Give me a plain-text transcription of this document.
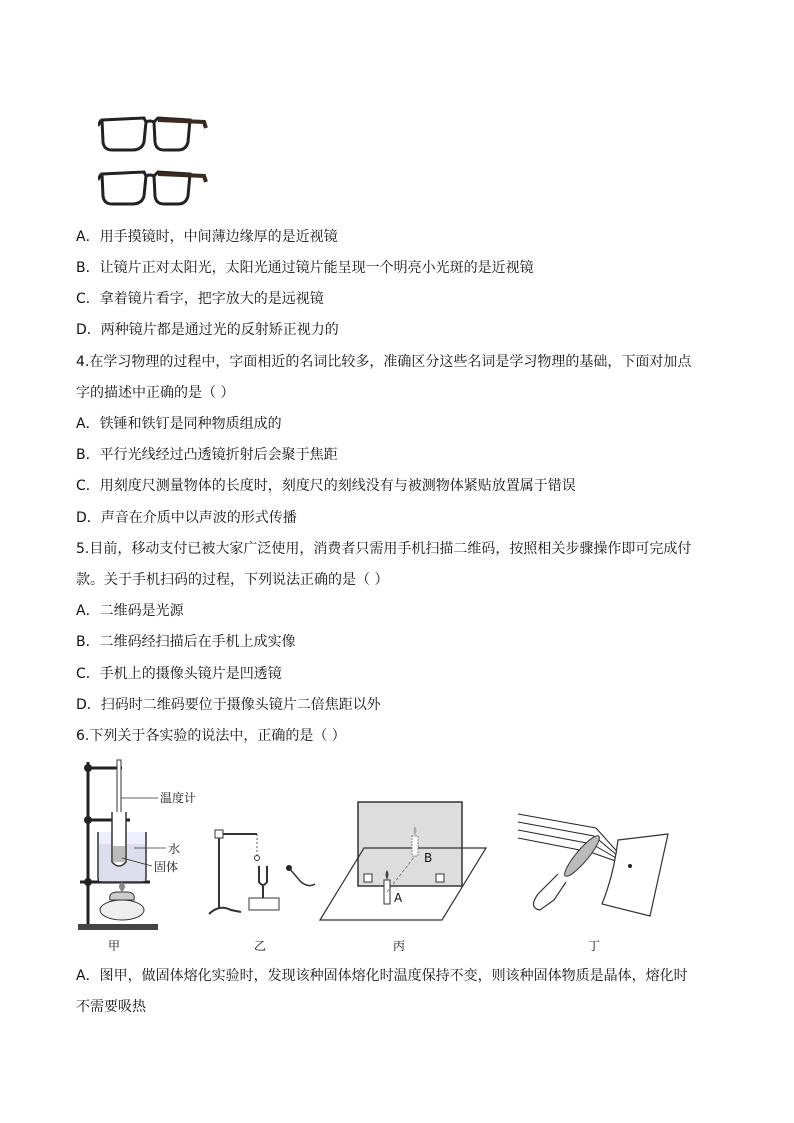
A．用手摸镜时，中间薄边缘厚的是近视镜
B．让镜片正对太阳光，太阳光通过镜片能呈现一个明亮小光斑的是近视镜
C．拿着镜片看字，把字放大的是远视镜
D．两种镜片都是通过光的反射矫正视力的
4.在学习物理的过程中，字面相近的名词比较多，准确区分这些名词是学习物理的基础，下面对加点
字的描述中正确的是（ ）
A．铁锤和铁钉是同种物质组成的
B．平行光线经过凸透镜折射后会聚于焦距
C．用刻度尺测量物体的长度时，刻度尺的刻线没有与被测物体紧贴放置属于错误
D．声音在介质中以声波的形式传播
5.目前，移动支付已被大家广泛使用，消费者只需用手机扫描二维码，按照相关步骤操作即可完成付
款。关于手机扫码的过程，下列说法正确的是（ ）
A．二维码是光源
B．二维码经扫描后在手机上成实像
C．手机上的摄像头镜片是凹透镜
D．扫码时二维码要位于摄像头镜片二倍焦距以外
6.下列关于各实验的说法中，正确的是（ ）
温度计
水
固体
甲	乙
B
A
丙	丁
A．图甲，做固体熔化实验时，发现该种固体熔化时温度保持不变，则该种固体物质是晶体，熔化时
不需要吸热
